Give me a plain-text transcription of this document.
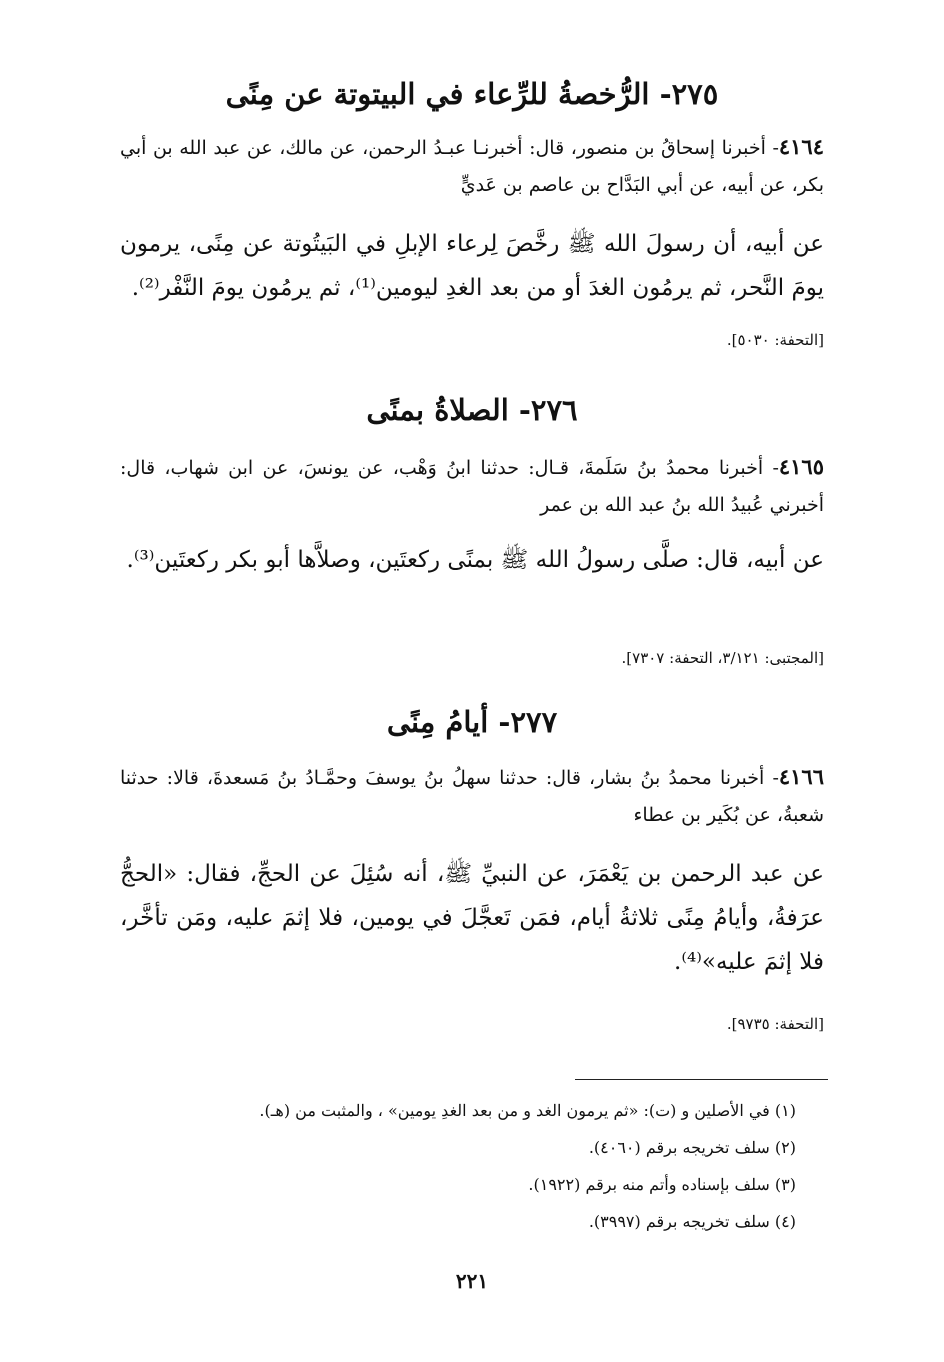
٢٧٥- الرُّخصةُ للرِّعاء في البيتوتة عن مِنًى
٤١٦٤- أخبرنا إسحاقُ بن منصور، قال: أخبرنـا عبـدُ الرحمن، عن مالك، عن عبد الله بن أبي بكر، عن أبيه، عن أبي البَدَّاح بن عاصم بن عَديٍّ
عن أبيه، أن رسولَ الله ﷺ رخَّصَ لِرعاء الإبلِ في البَيتُوتة عن مِنًى، يرمون يومَ النَّحر، ثم يرمُون الغدَ أو من بعد الغدِ ليومين⁽¹⁾، ثم يرمُون يومَ النَّفْر⁽²⁾.
[التحفة: ٥٠٣٠].
٢٧٦- الصلاةُ بمنًى
٤١٦٥- أخبرنا محمدُ بنُ سَلَمةَ، قـال: حدثنا ابنُ وَهْب، عن يونسَ، عن ابن شهاب، قال: أخبرني عُبيدُ الله بنُ عبد الله بن عمر
عن أبيه، قال: صلَّى رسولُ الله ﷺ بمنًى ركعتَين، وصلاَّها أبو بكر ركعتَين⁽³⁾.
[المجتبى: ٣/١٢١، التحفة: ٧٣٠٧].
٢٧٧- أيامُ مِنًى
٤١٦٦- أخبرنا محمدُ بنُ بشار، قال: حدثنا سهلُ بنُ يوسفَ وحمَّـادُ بنُ مَسعدةَ، قالا: حدثنا شعبةُ، عن بُكَير بن عطاء
عن عبد الرحمن بن يَعْمَرَ، عن النبيِّ ﷺ، أنه سُئِلَ عن الحجِّ، فقال: «الحجُّ عرَفةُ، وأيامُ مِنًى ثلاثةُ أيام، فمَن تَعجَّلَ في يومين، فلا إثمَ عليه، ومَن تأخَّر، فلا إثمَ عليه»⁽⁴⁾.
[التحفة: ٩٧٣٥].
(١) في الأصلين و (ت): «ثم يرمون الغد و من بعد الغدِ يومين» ، والمثبت من (هـ).
(٢) سلف تخريجه برقم (٤٠٦٠).
(٣) سلف بإسناده وأتم منه برقم (١٩٢٢).
(٤) سلف تخريجه برقم (٣٩٩٧).
٢٢١
